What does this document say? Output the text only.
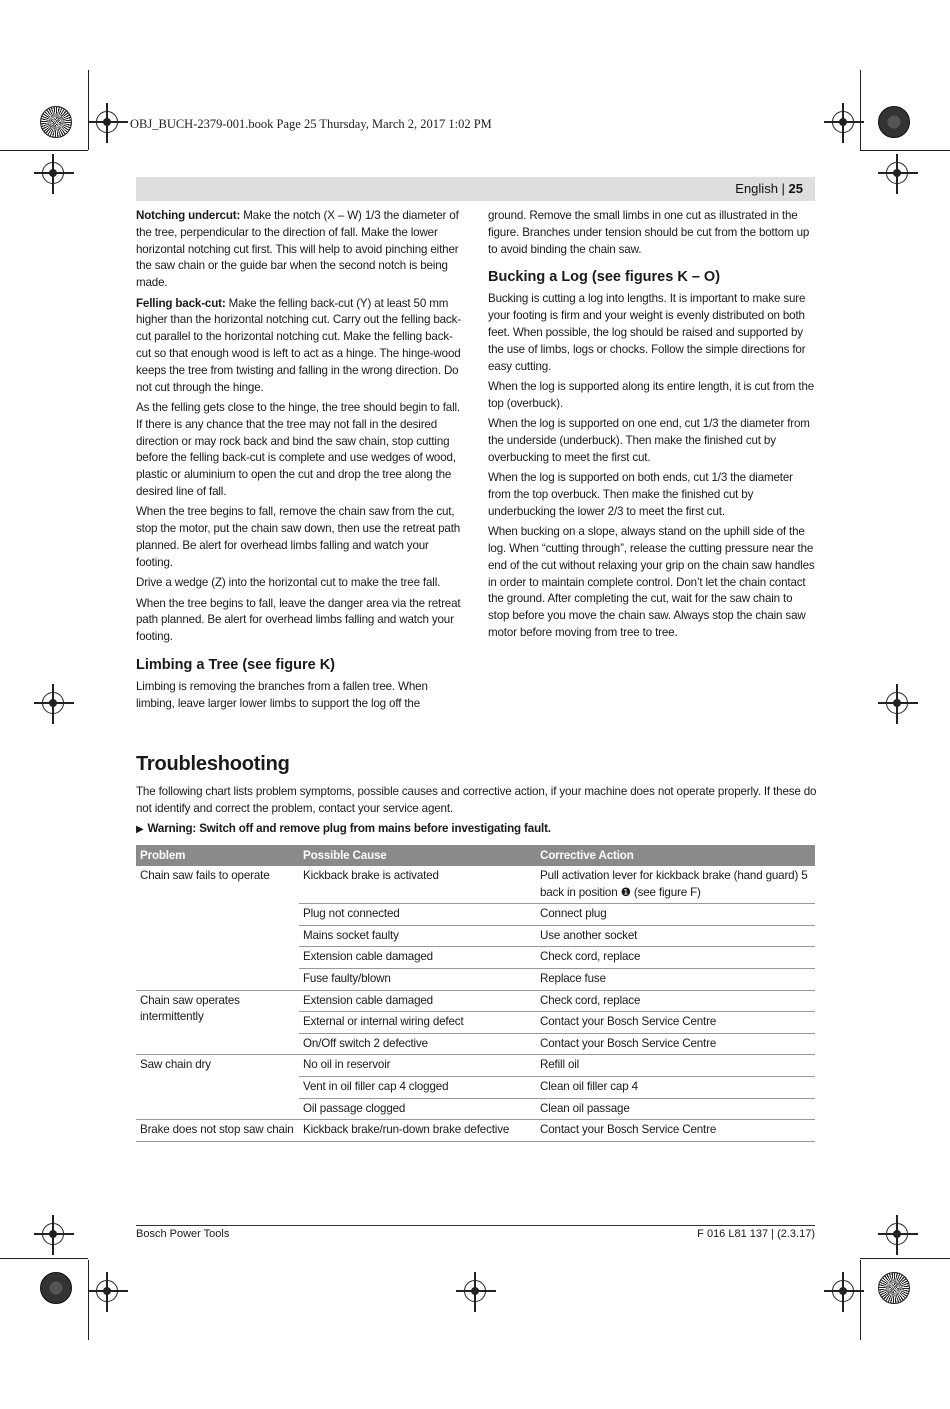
OBJ_BUCH-2379-001.book Page 25 Thursday, March 2, 2017 1:02 PM
English | 25

Notching undercut: Make the notch (X – W) 1/3 the diameter of the tree, perpendicular to the direction of fall. Make the lower horizontal notching cut first. This will help to avoid pinching either the saw chain or the guide bar when the second notch is being made.

Felling back-cut: Make the felling back-cut (Y) at least 50 mm higher than the horizontal notching cut. Carry out the felling back-cut parallel to the horizontal notching cut. Make the felling back-cut so that enough wood is left to act as a hinge. The hinge-wood keeps the tree from twisting and falling in the wrong direction. Do not cut through the hinge.

As the felling gets close to the hinge, the tree should begin to fall. If there is any chance that the tree may not fall in the desired direction or may rock back and bind the saw chain, stop cutting before the felling back-cut is complete and use wedges of wood, plastic or aluminium to open the cut and drop the tree along the desired line of fall.

When the tree begins to fall, remove the chain saw from the cut, stop the motor, put the chain saw down, then use the retreat path planned. Be alert for overhead limbs falling and watch your footing.

Drive a wedge (Z) into the horizontal cut to make the tree fall.

When the tree begins to fall, leave the danger area via the retreat path planned. Be alert for overhead limbs falling and watch your footing.

Limbing a Tree (see figure K)

Limbing is removing the branches from a fallen tree. When limbing, leave larger lower limbs to support the log off the

ground. Remove the small limbs in one cut as illustrated in the figure. Branches under tension should be cut from the bottom up to avoid binding the chain saw.

Bucking a Log (see figures K – O)

Bucking is cutting a log into lengths. It is important to make sure your footing is firm and your weight is evenly distributed on both feet. When possible, the log should be raised and supported by the use of limbs, logs or chocks. Follow the simple directions for easy cutting.

When the log is supported along its entire length, it is cut from the top (overbuck).

When the log is supported on one end, cut 1/3 the diameter from the underside (underbuck). Then make the finished cut by overbucking to meet the first cut.

When the log is supported on both ends, cut 1/3 the diameter from the top overbuck. Then make the finished cut by underbucking the lower 2/3 to meet the first cut.

When bucking on a slope, always stand on the uphill side of the log. When “cutting through”, release the cutting pressure near the end of the cut without relaxing your grip on the chain saw handles in order to maintain complete control. Don’t let the chain contact the ground. After completing the cut, wait for the saw chain to stop before you move the chain saw. Always stop the chain saw motor before moving from tree to tree.

Troubleshooting
The following chart lists problem symptoms, possible causes and corrective action, if your machine does not operate properly. If these do not identify and correct the problem, contact your service agent.
▶ Warning: Switch off and remove plug from mains before investigating fault.
Problem	Possible Cause	Corrective Action
Chain saw fails to operate	Kickback brake is activated	Pull activation lever for kickback brake (hand guard) 5 back in position ❶ (see figure F)
	Plug not connected	Connect plug
	Mains socket faulty	Use another socket
	Extension cable damaged	Check cord, replace
	Fuse faulty/blown	Replace fuse
Chain saw operates intermittently	Extension cable damaged	Check cord, replace
	External or internal wiring defect	Contact your Bosch Service Centre
	On/Off switch 2 defective	Contact your Bosch Service Centre
Saw chain dry	No oil in reservoir	Refill oil
	Vent in oil filler cap 4 clogged	Clean oil filler cap 4
	Oil passage clogged	Clean oil passage
Brake does not stop saw chain	Kickback brake/run-down brake defective	Contact your Bosch Service Centre
Bosch Power Tools	F 016 L81 137 | (2.3.17)
